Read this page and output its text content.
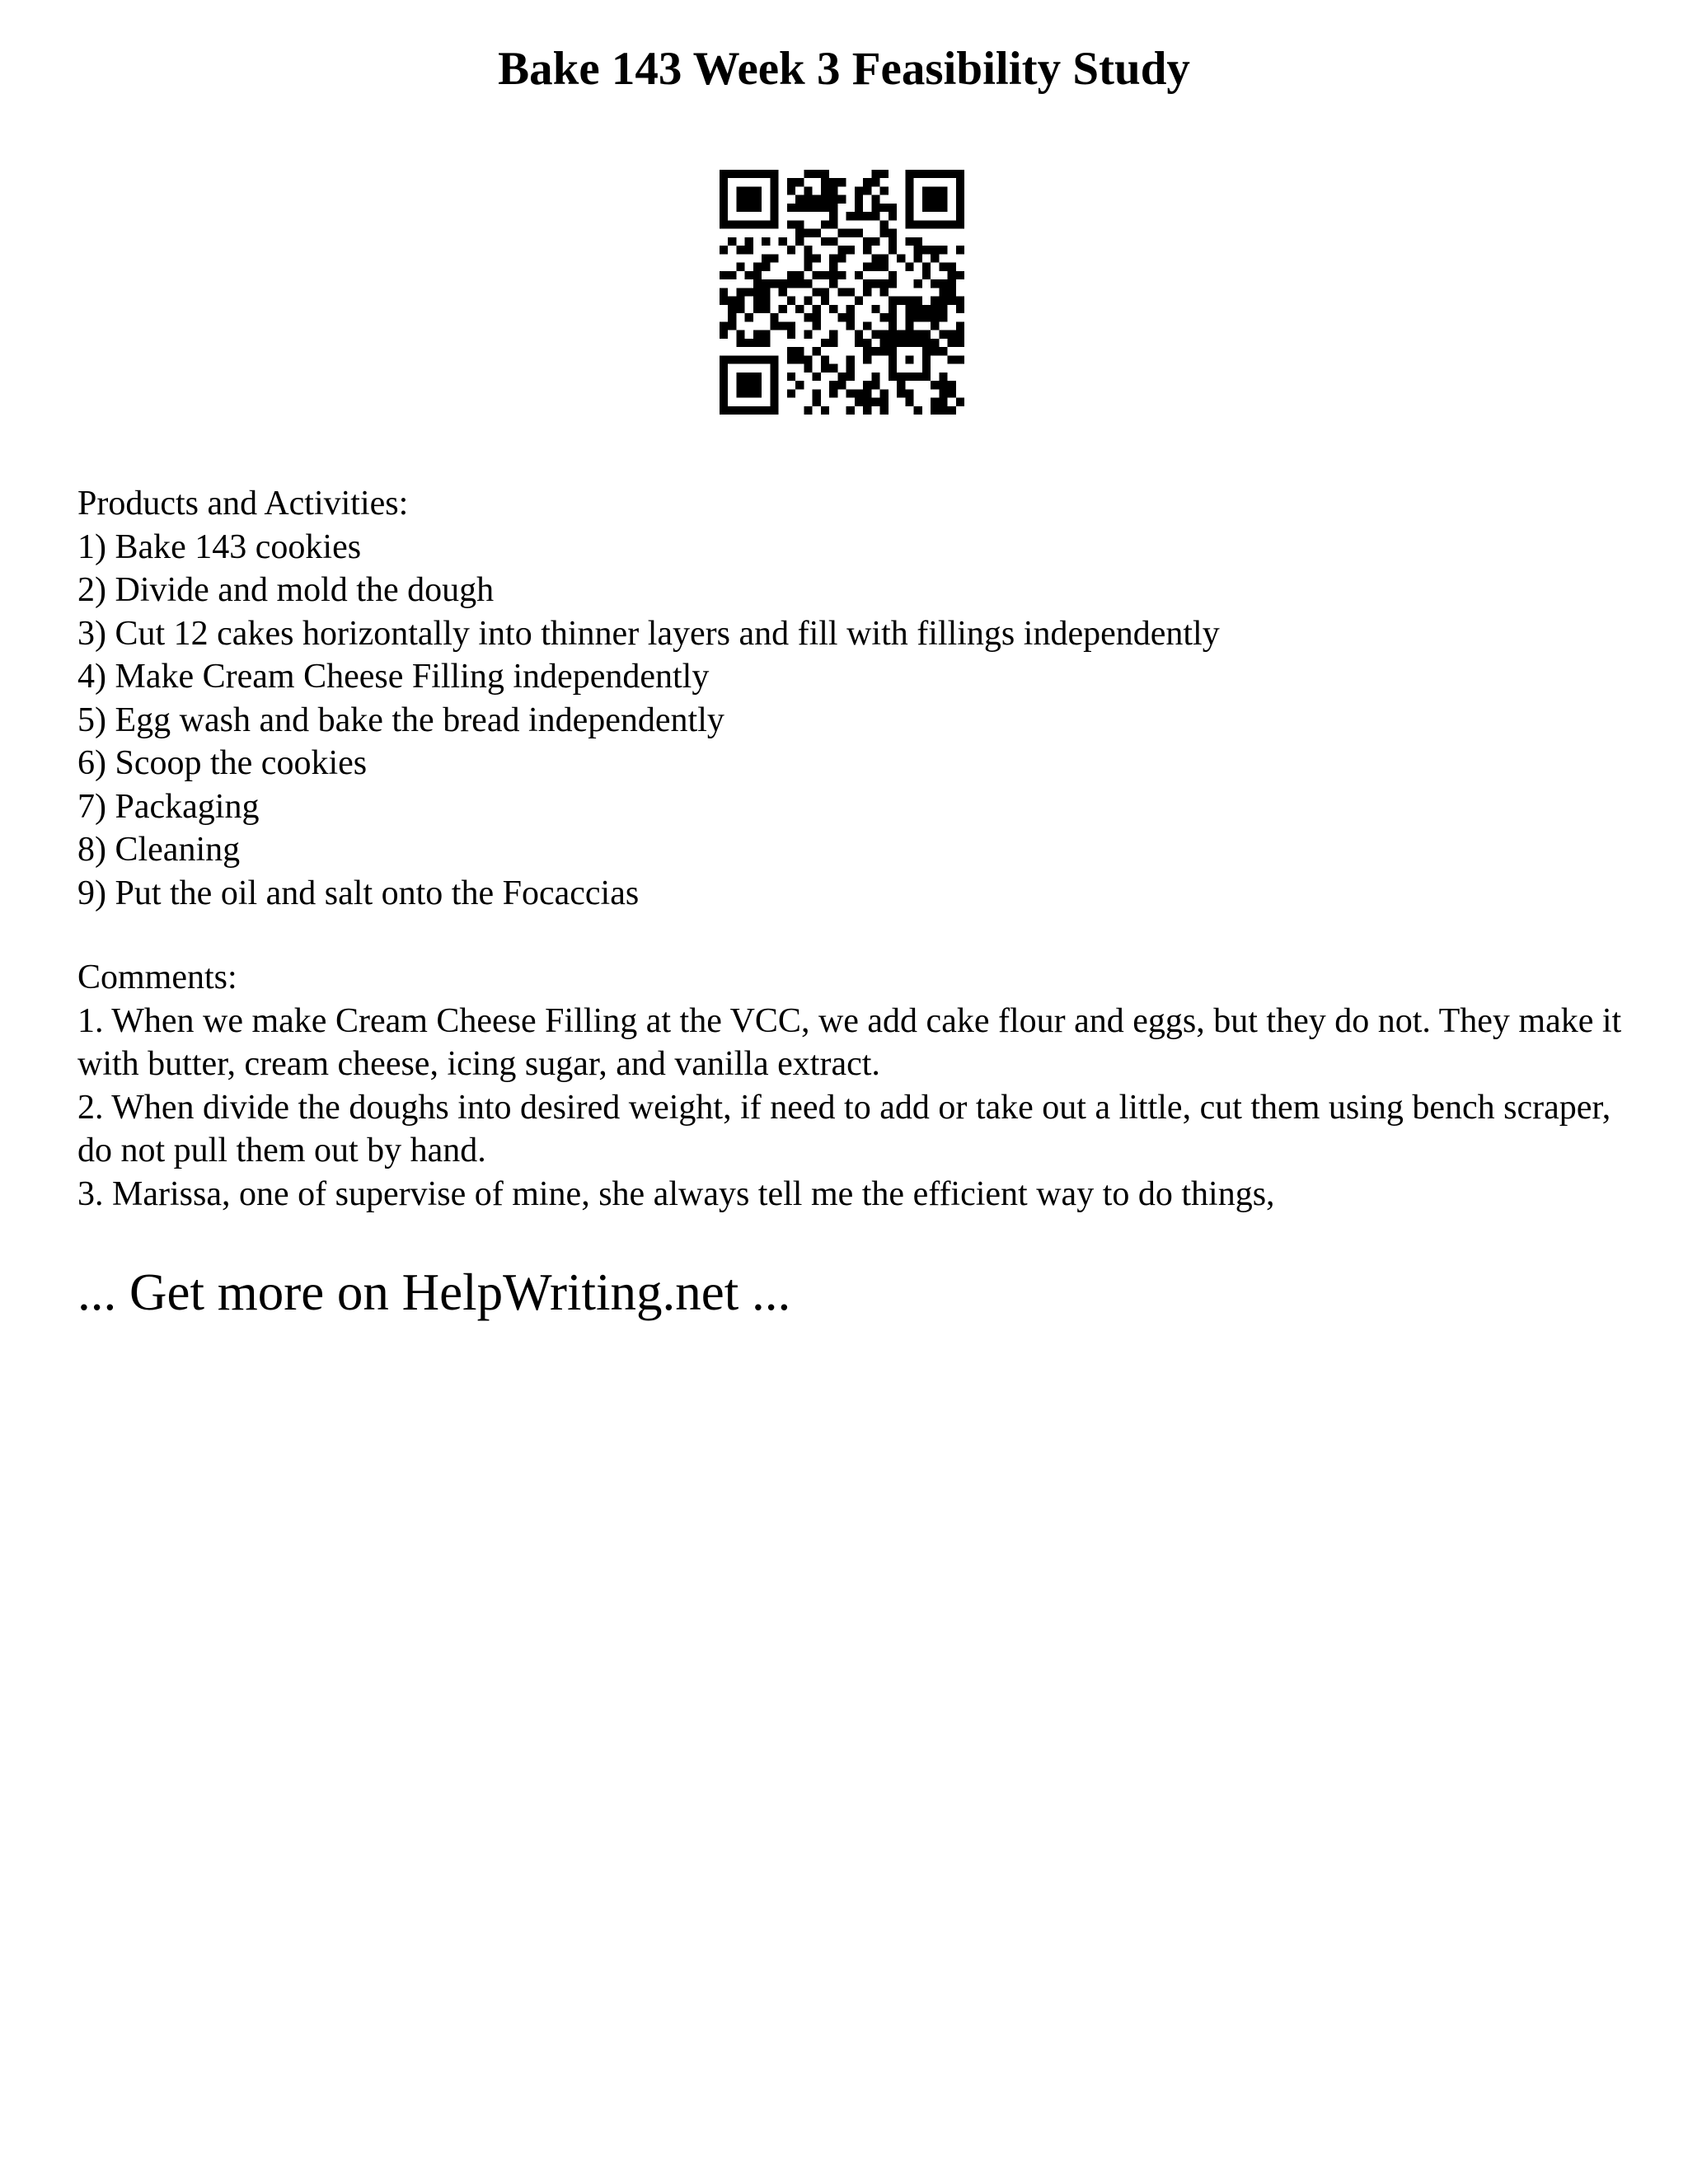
Bake 143 Week 3 Feasibility Study
Products and Activities:
1) Bake 143 cookies
2) Divide and mold the dough
3) Cut 12 cakes horizontally into thinner layers and fill with fillings independently
4) Make Cream Cheese Filling independently
5) Egg wash and bake the bread independently
6) Scoop the cookies
7) Packaging
8) Cleaning
9) Put the oil and salt onto the Focaccias
Comments:
1. When we make Cream Cheese Filling at the VCC, we add cake flour and eggs, but they do not. They make it with butter, cream cheese, icing sugar, and vanilla extract.
2. When divide the doughs into desired weight, if need to add or take out a little, cut them using bench scraper, do not pull them out by hand.
3. Marissa, one of supervise of mine, she always tell me the efficient way to do things,
... Get more on HelpWriting.net ...
